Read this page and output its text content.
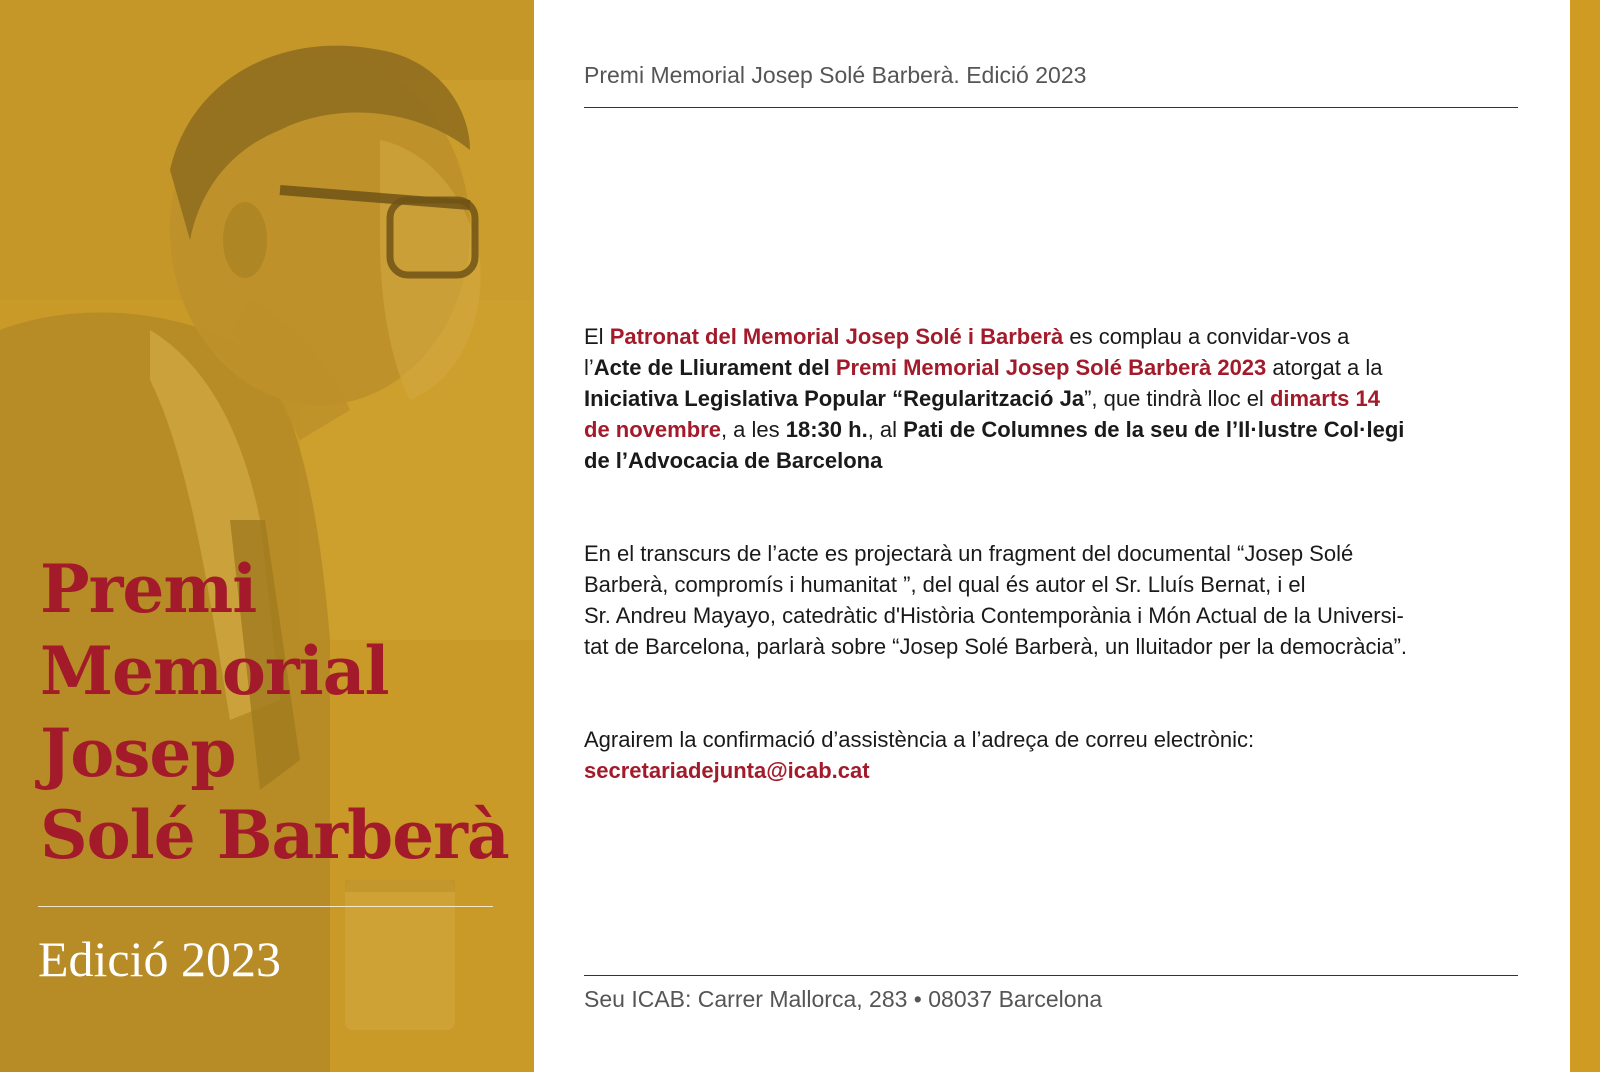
Premi
Memorial
Josep
Solé Barberà
Edició 2023
Premi Memorial Josep Solé Barberà. Edició 2023

El Patronat del Memorial Josep Solé i Barberà es complau a convidar-vos a

l’Acte de Lliurament del Premi Memorial Josep Solé Barberà 2023 atorgat a la

Iniciativa Legislativa Popular “Regularització Ja”, que tindrà lloc el dimarts 14

de novembre, a les 18:30 h., al Pati de Columnes de la seu de l’Il·lustre Col·legi

de l’Advocacia de Barcelona

En el transcurs de l’acte es projectarà un fragment del documental “Josep Solé

Barberà, compromís i humanitat ”, del qual és autor el Sr. Lluís Bernat, i el

Sr. Andreu Mayayo, catedràtic d'Història Contemporània i Món Actual de la Universi-

tat de Barcelona, parlarà sobre “Josep Solé Barberà, un lluitador per la democràcia”.

Agrairem la confirmació d’assistència a l’adreça de correu electrònic:

secretariadejunta@icab.cat

Seu ICAB: Carrer Mallorca, 283 • 08037 Barcelona
